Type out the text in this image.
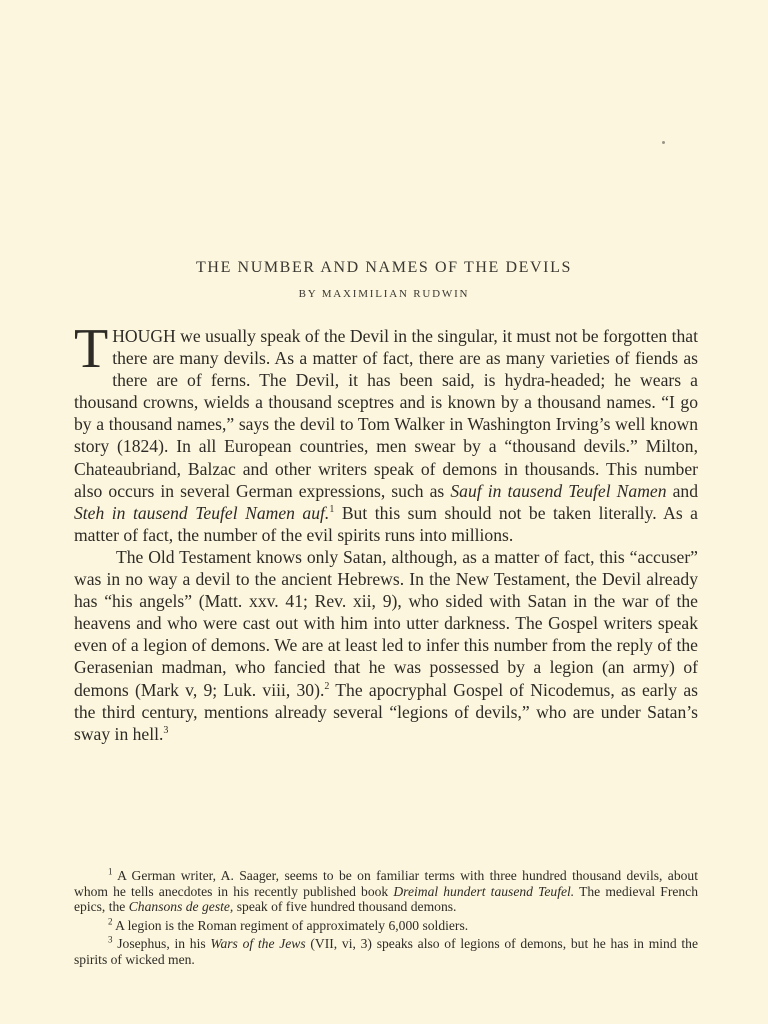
THE NUMBER AND NAMES OF THE DEVILS
BY MAXIMILIAN RUDWIN

THOUGH we usually speak of the Devil in the singular, it must not be forgotten that there are many devils. As a matter of fact, there are as many varieties of fiends as there are of ferns. The Devil, it has been said, is hydra-headed; he wears a thousand crowns, wields a thousand sceptres and is known by a thousand names. “I go by a thousand names,” says the devil to Tom Walker in Washington Irving’s well known story (1824). In all European countries, men swear by a “thousand devils.” Milton, Chateaubriand, Balzac and other writers speak of demons in thousands. This number also occurs in several German expressions, such as Sauf in tausend Teufel Namen and Steh in tausend Teufel Namen auf.$^1$ But this sum should not be taken literally. As a matter of fact, the number of the evil spirits runs into millions.

The Old Testament knows only Satan, although, as a matter of fact, this “accuser” was in no way a devil to the ancient Hebrews. In the New Testament, the Devil already has “his angels” (Matt. xxv. 41; Rev. xii, 9), who sided with Satan in the war of the heavens and who were cast out with him into utter darkness. The Gospel writers speak even of a legion of demons. We are at least led to infer this number from the reply of the Gerasenian madman, who fancied that he was possessed by a legion (an army) of demons (Mark v, 9; Luk. viii, 30).$^2$ The apocryphal Gospel of Nicodemus, as early as the third century, mentions already several “legions of devils,” who are under Satan’s sway in hell.$^3$

$^1$ A German writer, A. Saager, seems to be on familiar terms with three hundred thousand devils, about whom he tells anecdotes in his recently published book Dreimal hundert tausend Teufel. The medieval French epics, the Chansons de geste, speak of five hundred thousand demons.

$^2$ A legion is the Roman regiment of approximately 6,000 soldiers.

$^3$ Josephus, in his Wars of the Jews (VII, vi, 3) speaks also of legions of demons, but he has in mind the spirits of wicked men.
